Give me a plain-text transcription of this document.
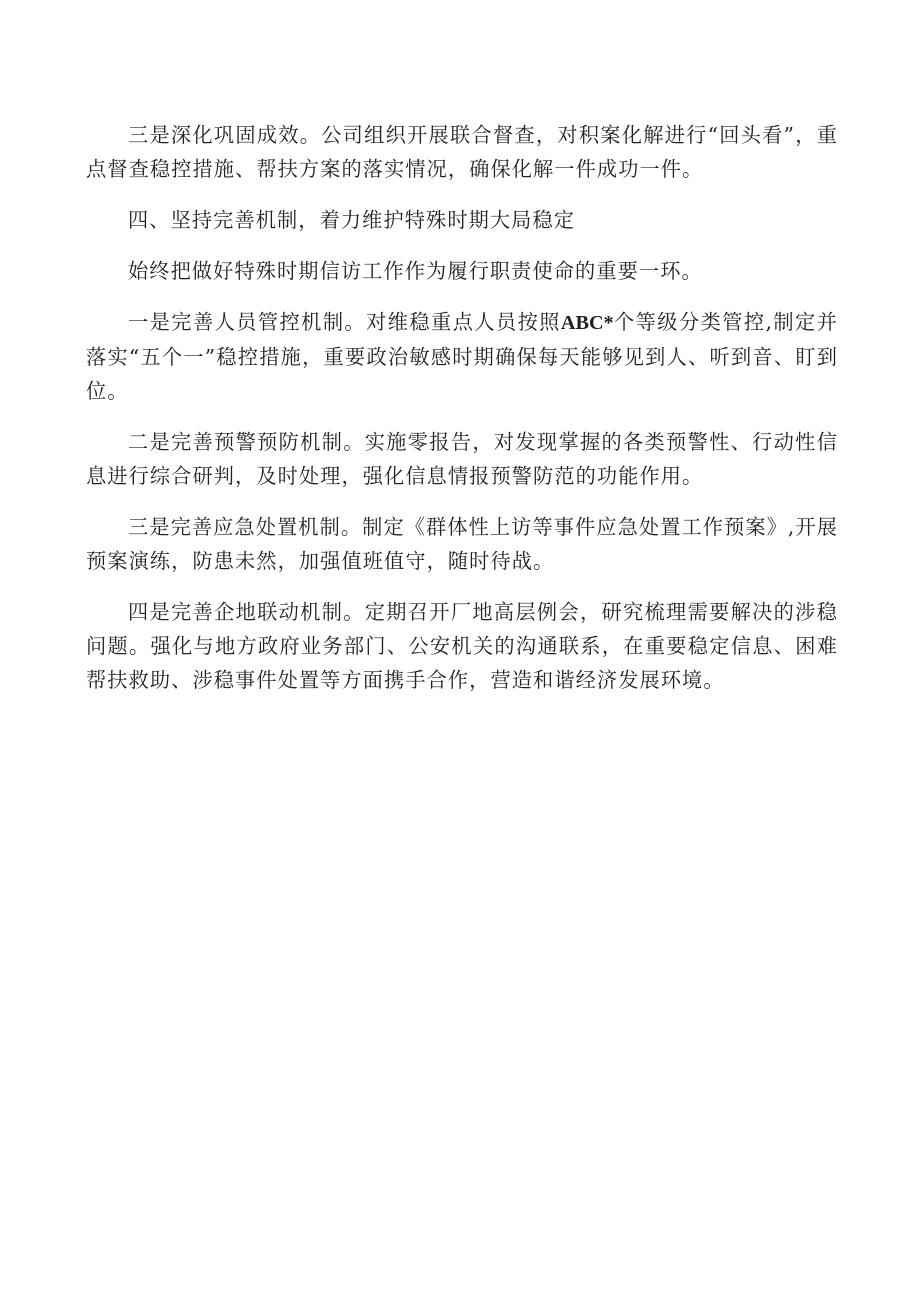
三是深化巩固成效。公司组织开展联合督查，对积案化解进行“回头看”，重点督查稳控措施、帮扶方案的落实情况，确保化解一件成功一件。

四、坚持完善机制，着力维护特殊时期大局稳定

始终把做好特殊时期信访工作作为履行职责使命的重要一环。

一是完善人员管控机制。对维稳重点人员按照ABC*个等级分类管控,制定并落实“五个一”稳控措施，重要政治敏感时期确保每天能够见到人、听到音、盯到位。

二是完善预警预防机制。实施零报告，对发现掌握的各类预警性、行动性信息进行综合研判，及时处理，强化信息情报预警防范的功能作用。

三是完善应急处置机制。制定《群体性上访等事件应急处置工作预案》,开展预案演练，防患未然，加强值班值守，随时待战。

四是完善企地联动机制。定期召开厂地高层例会，研究梳理需要解决的涉稳问题。强化与地方政府业务部门、公安机关的沟通联系，在重要稳定信息、困难帮扶救助、涉稳事件处置等方面携手合作，营造和谐经济发展环境。
